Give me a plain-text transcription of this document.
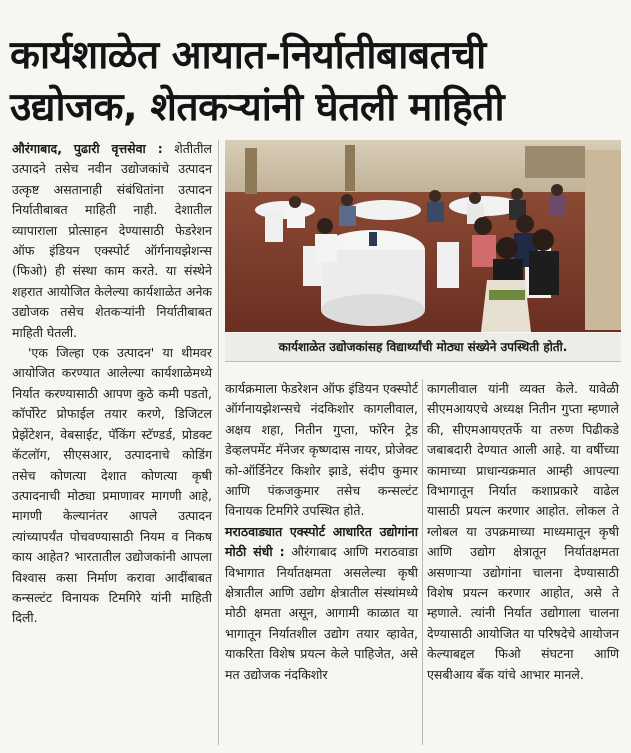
कार्यशाळेत आयात-निर्यातीबाबतची
उद्योजक, शेतकऱ्यांनी घेतली माहिती

औरंगाबाद, पुढारी वृत्तसेवा : शेतीतील उत्पादने तसेच नवीन उद्योजकांचे उत्पादन उत्कृष्ट असतानाही संबंधितांना उत्पादन निर्यातीबाबत माहिती नाही. देशातील व्यापाराला प्रोत्साहन देण्यासाठी फेडरेशन ऑफ इंडियन एक्स्पोर्ट ऑर्गनायझेशन्स (फिओ) ही संस्था काम करते. या संस्थेने शहरात आयोजित केलेल्या कार्यशाळेत अनेक उद्योजक तसेच शेतकऱ्यांनी निर्यातीबाबत माहिती घेतली.

'एक जिल्हा एक उत्पादन' या थीमवर आयोजित करण्यात आलेल्या कार्यशाळेमध्ये निर्यात करण्यासाठी आपण कुठे कमी पडतो, कॉर्पोरेट प्रोफाईल तयार करणे, डिजिटल प्रेझेंटेशन, वेबसाईट, पॅकिंग स्टॅण्डर्ड, प्रोडक्ट कॅटलॉग, सीएसआर, उत्पादनाचे कोडिंग तसेच कोणत्या देशात कोणत्या कृषी उत्पादनाची मोठ्या प्रमाणावर मागणी आहे, मागणी केल्यानंतर आपले उत्पादन त्यांच्यापर्यंत पोचवण्यासाठी नियम व निकष काय आहेत? भारतातील उद्योजकांनी आपला विश्वास कसा निर्माण करावा आदींबाबत कन्सल्टंट विनायक टिमगिरे यांनी माहिती दिली.

कार्यशाळेत उद्योजकांसह विद्यार्थ्यांची मोठ्या संख्येने उपस्थिती होती.

कार्यक्रमाला फेडरेशन ऑफ इंडियन एक्स्पोर्ट ऑर्गनायझेशन्सचे नंदकिशोर कागलीवाल, अक्षय शहा, नितीन गुप्ता, फॉरेन ट्रेड डेव्हलपमेंट मॅनेजर कृष्णदास नायर, प्रोजेक्ट को-ऑर्डिनेटर किशोर झाडे, संदीप कुमार आणि पंकजकुमार तसेच कन्सल्टंट विनायक टिमगिरे उपस्थित होते.

मराठवाड्यात एक्स्पोर्ट आधारित उद्योगांना मोठी संधी : औरंगाबाद आणि मराठवाडा विभागात निर्यातक्षमता असलेल्या कृषी क्षेत्रातील आणि उद्योग क्षेत्रातील संस्थांमध्ये मोठी क्षमता असून, आगामी काळात या भागातून निर्यातशील उद्योग तयार व्हावेत, याकरिता विशेष प्रयत्न केले पाहिजेत, असे मत उद्योजक नंदकिशोर

कागलीवाल यांनी व्यक्त केले. यावेळी सीएमआयएचे अध्यक्ष नितीन गुप्ता म्हणाले की, सीएमआयएतर्फे या तरुण पिढीकडे जबाबदारी देण्यात आली आहे. या वर्षीच्या कामाच्या प्राधान्यक्रमात आम्ही आपल्या विभागातून निर्यात कशाप्रकारे वाढेल यासाठी प्रयत्न करणार आहोत. लोकल ते ग्लोबल या उपक्रमाच्या माध्यमातून कृषी आणि उद्योग क्षेत्रातून निर्यातक्षमता असणाऱ्या उद्योगांना चालना देण्यासाठी विशेष प्रयत्न करणार आहोत, असे ते म्हणाले. त्यांनी निर्यात उद्योगाला चालना देण्यासाठी आयोजित या परिषदेचे आयोजन केल्याबद्दल फिओ संघटना आणि एसबीआय बँक यांचे आभार मानले.
